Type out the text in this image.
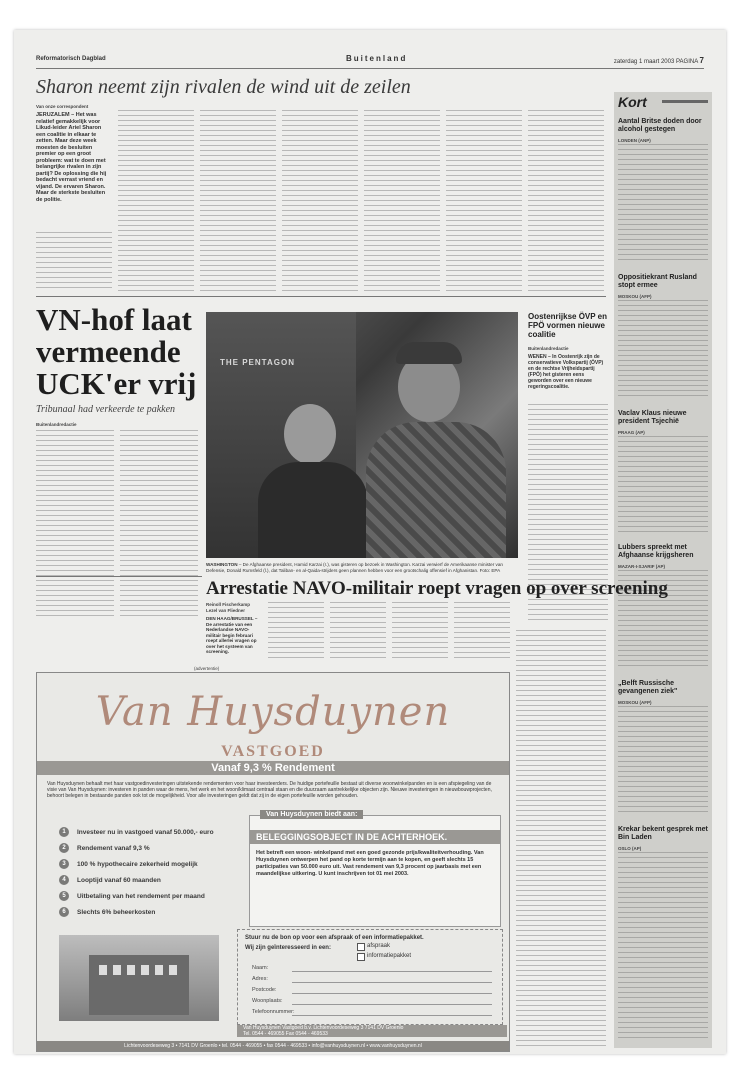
Reformatorisch Dagblad	Buitenland	zaterdag 1 maart 2003 PAGINA 7
Sharon neemt zijn rivalen de wind uit de zeilen
Van onze correspondent
JERUZALEM – Het was relatief gemakkelijk voor Likud-leider Ariel Sharon een coalitie in elkaar te zetten. Maar deze week moesten de besluiten premier op een groot probleem: wat te doen met belangrijke rivalen in zijn partij? De oplossing die hij bedacht verrast vriend en vijand. De ervaren Sharon. Maar de sterkste besluiten de politie.
Kort
Aantal Britse doden door alcohol gestegen
LONDEN (ANP)
Oppositiekrant Rusland stopt ermee
MOSKOU (AFP)
Vaclav Klaus nieuwe president Tsjechië
PRAAG (AP)
Lubbers spreekt met Afghaanse krijgsheren
MAZAR-I-SJARIF (AP)
„Belft Russische gevangenen ziek"
MOSKOU (AFP)
Krekar bekent gesprek met Bin Laden
OSLO (AP)
VN-hof laat
vermeende
UCK'er vrij
Tribunaal had verkeerde te pakken
Buitenlandredactie
THE PENTAGON
WASHINGTON – De Afghaanse president, Hamid Karzai (r.), was gisteren op bezoek in Washington. Karzai verwierf de Amerikaanse minister van Defensie, Donald Rumsfeld (l.), dat Taliban- en al-Qaida-strijders geen plannen hebben voor een grootschalig offensief in Afghanistan. Foto: EPA
Oostenrijkse ÖVP en FPÖ vormen nieuwe coalitie
Buitenlandredactie
WENEN – In Oostenrijk zijn de conservatieve Volkspartij (ÖVP) en de rechtse Vrijheidspartij (FPÖ) het gisteren eens geworden over een nieuwe regeringscoalitie.
Arrestatie NAVO-militair roept vragen op over screening
Reinoll Fischerkamp
Lezel van Fliedner
DEN HAAG/BRUSSEL – De arrestatie van een Nederlandse NAVO-militair begin februari roept allerlei vragen op over het systeem van screening.
(advertentie)
Van Huysduynen
VASTGOED
Vanaf 9,3 % Rendement
Van Huysduynen behaalt met haar vastgoedinvesteringen uitstekende rendementen voor haar investeerders. De huidige portefeuille bestaat uit diverse woonwinkelpanden en is een afspiegeling van de visie van Van Huysduynen: investeren in panden waar de mens, het werk en het woon/klimaat centraal staan en die duurzaam aantrekkelijke objecten zijn. Nieuwe investeringen in nieuwbouwprojecten, behoort belegen in bestaande panden ook tot de mogelijkheid. Voor alle investeringen geldt dat zij in de eigen portefeuille worden gehouden.
1	Investeer nu in vastgoed vanaf 50.000,- euro
2	Rendement vanaf 9,3 %
3	100 % hypothecaire zekerheid mogelijk
4	Looptijd vanaf 60 maanden
5	Uitbetaling van het rendement per maand
6	Slechts 6% beheerkosten
Van Huysduynen biedt aan:
BELEGGINGSOBJECT IN DE ACHTERHOEK.
Het betreft een woon- winkelpand met een goed gezonde prijs/kwaliteitverhouding. Van Huysduynen ontwerpen het pand op korte termijn aan te kopen, en geeft slechts 15 participaties van 50.000 euro uit. Vast rendement van 9,3 procent op jaarbasis met een maandelijkse uitkering. U kunt inschrijven tot 01 mei 2003.
Stuur nu de bon op voor een afspraak of een informatiepakket.
Wij zijn geïnteresseerd in een:	afspraak
informatiepakket
Naam:
Adres:
Postcode:
Woonplaats:
Telefoonnummer:
Van Huysduynen Vastgoed b.v. Lichtenvoordeseweg 3 7141 DV Groenlo
Tel. 0544 - 469055 Fax 0544 - 469533
Lichtenvoordeseweg 3 • 7141 DV Groenlo • tel. 0544 - 469055 • fax 0544 - 469533 • info@vanhuysduynen.nl • www.vanhuysduynen.nl
